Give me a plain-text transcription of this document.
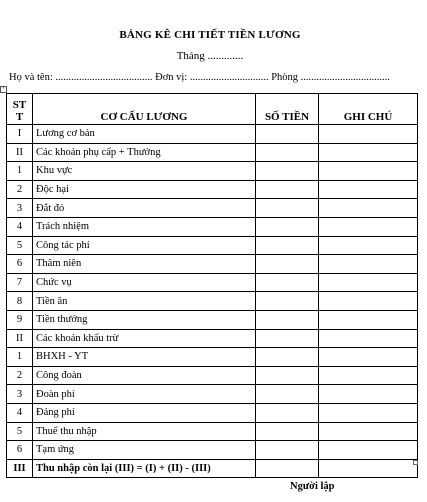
BẢNG KÊ CHI TIẾT TIỀN LƯƠNG
Tháng .............
Họ và tên: ..................................... Đơn vị: .............................. Phòng ..................................
+
ST
T	CƠ CẤU LƯƠNG	SỐ TIỀN	GHI CHÚ
I	Lương cơ bản		
II	Các khoản phụ cấp + Thưởng		
1	Khu vực		
2	Độc hại		
3	Đắt đỏ		
4	Trách nhiệm		
5	Công tác phí		
6	Thâm niên		
7	Chức vụ		
8	Tiền ăn		
9	Tiền thưởng		
II	Các khoản khấu trừ		
1	BHXH - YT		
2	Công đoàn		
3	Đoàn phí		
4	Đảng phí		
5	Thuế thu nhập		
6	Tạm ứng		
III	Thu nhập còn lại (III) = (I) + (II) - (III)		
Người lập
